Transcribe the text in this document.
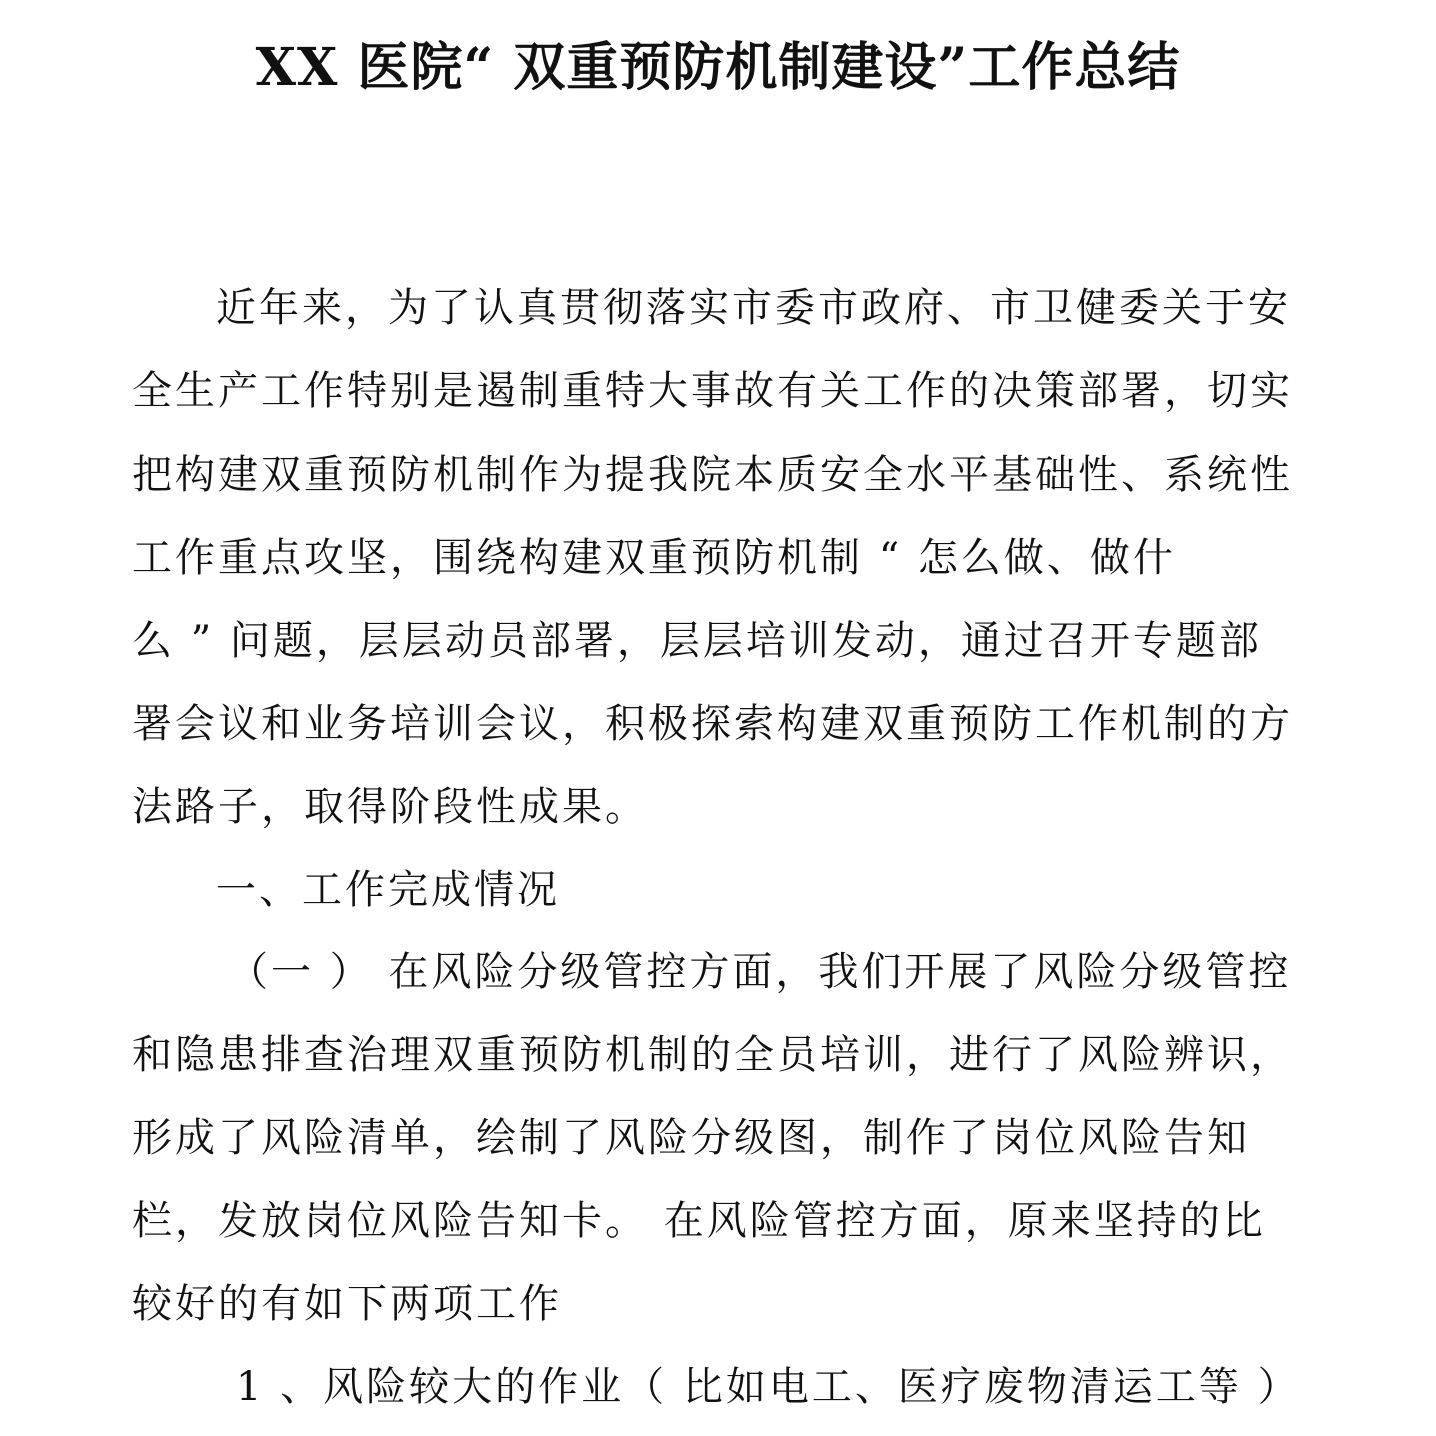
XX 医院“ 双重预防机制建设”工作总结
近年来，为了认真贯彻落实市委市政府、市卫健委关于安
全生产工作特别是遏制重特大事故有关工作的决策部署，切实
把构建双重预防机制作为提我院本质安全水平基础性、系统性
工作重点攻坚，围绕构建双重预防机制 “ 怎么做、做什
么 ” 问题，层层动员部署，层层培训发动，通过召开专题部
署会议和业务培训会议，积极探索构建双重预防工作机制的方
法路子，取得阶段性成果。
一、工作完成情况
（一 ） 在风险分级管控方面，我们开展了风险分级管控
和隐患排查治理双重预防机制的全员培训，进行了风险辨识，
形成了风险清单，绘制了风险分级图，制作了岗位风险告知
栏，发放岗位风险告知卡。 在风险管控方面，原来坚持的比
较好的有如下两项工作
1 、风险较大的作业（ 比如电工、医疗废物清运工等 ）
